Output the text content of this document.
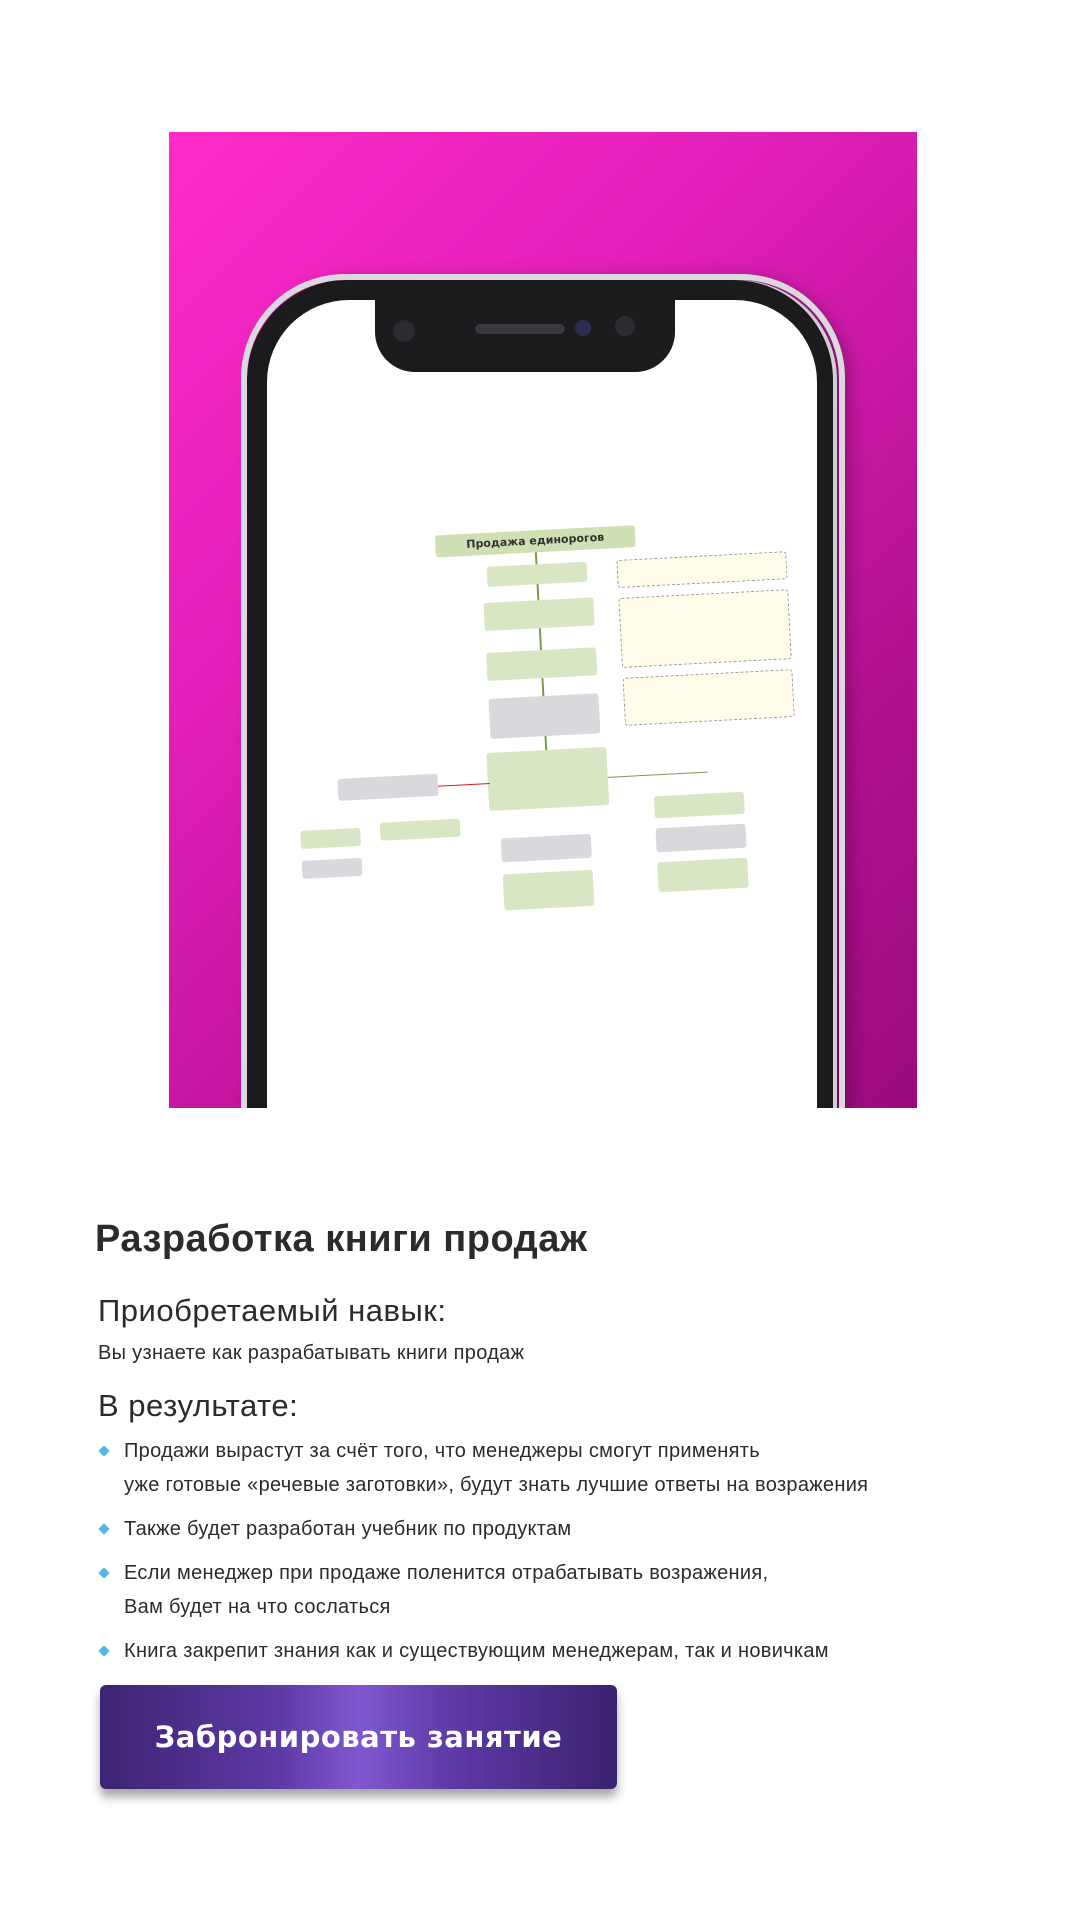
Продажа единорогов
Разработка книги продаж
Приобретаемый навык:
Вы узнаете как разрабатывать книги продаж
В результате:
Продажи вырастут за счёт того, что менеджеры смогут применять
уже готовые «речевые заготовки», будут знать лучшие ответы на возражения
Также будет разработан учебник по продуктам
Если менеджер при продаже поленится отрабатывать возражения,
Вам будет на что сослаться
Книга закрепит знания как и существующим менеджерам, так и новичкам
Забронировать занятие
